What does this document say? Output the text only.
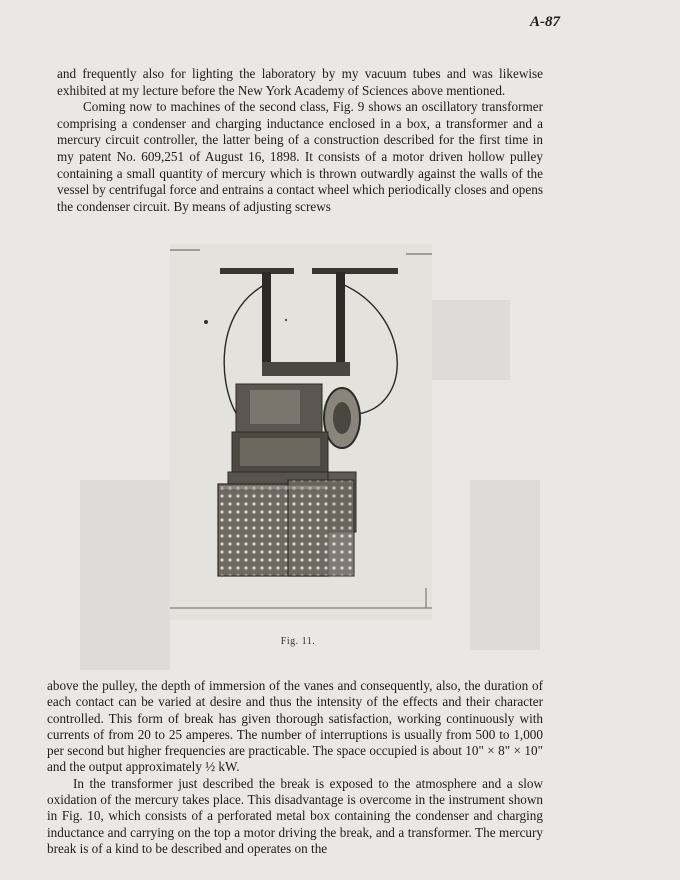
A-87

and frequently also for lighting the laboratory by my vacuum tubes and was likewise exhibited at my lecture before the New York Academy of Sciences above mentioned.

Coming now to machines of the second class, Fig. 9 shows an oscillatory transformer comprising a condenser and charging inductance enclosed in a box, a transformer and a mercury circuit controller, the latter being of a construction described for the first time in my patent No. 609,251 of August 16, 1898. It consists of a motor driven hollow pulley containing a small quantity of mercury which is thrown outwardly against the walls of the vessel by centrifugal force and entrains a contact wheel which periodically closes and opens the condenser circuit. By means of adjusting screws

Fig. 11.

above the pulley, the depth of immersion of the vanes and consequently, also, the duration of each contact can be varied at desire and thus the intensity of the effects and their character controlled. This form of break has given thorough satisfaction, working continuously with currents of from 20 to 25 amperes. The number of interruptions is usually from 500 to 1,000 per second but higher frequencies are practicable. The space occupied is about 10" × 8" × 10" and the output approximately ½ kW.

In the transformer just described the break is exposed to the atmosphere and a slow oxidation of the mercury takes place. This disadvantage is overcome in the instrument shown in Fig. 10, which consists of a perforated metal box containing the condenser and charging inductance and carrying on the top a motor driving the break, and a transformer. The mercury break is of a kind to be described and operates on the
